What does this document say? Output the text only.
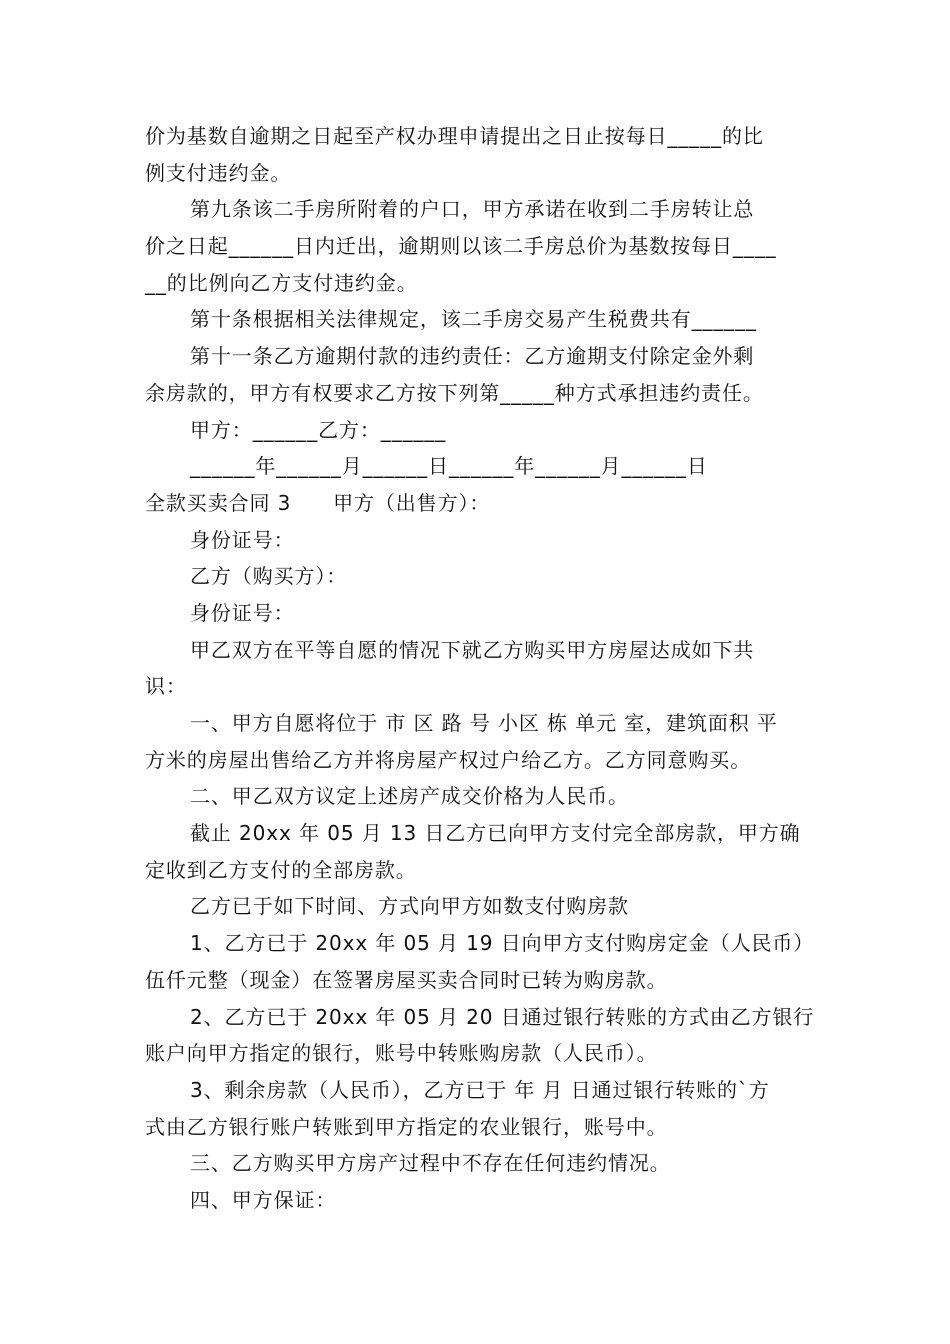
价为基数自逾期之日起至产权办理申请提出之日止按每日_____的比
例支付违约金。
第九条该二手房所附着的户口，甲方承诺在收到二手房转让总
价之日起______日内迁出，逾期则以该二手房总价为基数按每日____
__的比例向乙方支付违约金。
第十条根据相关法律规定，该二手房交易产生税费共有______
第十一条乙方逾期付款的违约责任：乙方逾期支付除定金外剩
余房款的，甲方有权要求乙方按下列第_____种方式承担违约责任。
甲方：______乙方：______
______年______月______日______年______月______日
全款买卖合同 3　　甲方（出售方）：
身份证号：
乙方（购买方）：
身份证号：
甲乙双方在平等自愿的情况下就乙方购买甲方房屋达成如下共
识：
一、甲方自愿将位于 市 区 路 号 小区 栋 单元 室，建筑面积 平
方米的房屋出售给乙方并将房屋产权过户给乙方。乙方同意购买。
二、甲乙双方议定上述房产成交价格为人民币。
截止 20xx 年 05 月 13 日乙方已向甲方支付完全部房款，甲方确
定收到乙方支付的全部房款。
乙方已于如下时间、方式向甲方如数支付购房款
1、乙方已于 20xx 年 05 月 19 日向甲方支付购房定金（人民币）
伍仟元整（现金）在签署房屋买卖合同时已转为购房款。
2、乙方已于 20xx 年 05 月 20 日通过银行转账的方式由乙方银行
账户向甲方指定的银行，账号中转账购房款（人民币）。
3、剩余房款（人民币），乙方已于 年 月 日通过银行转账的`方
式由乙方银行账户转账到甲方指定的农业银行，账号中。
三、乙方购买甲方房产过程中不存在任何违约情况。
四、甲方保证：
